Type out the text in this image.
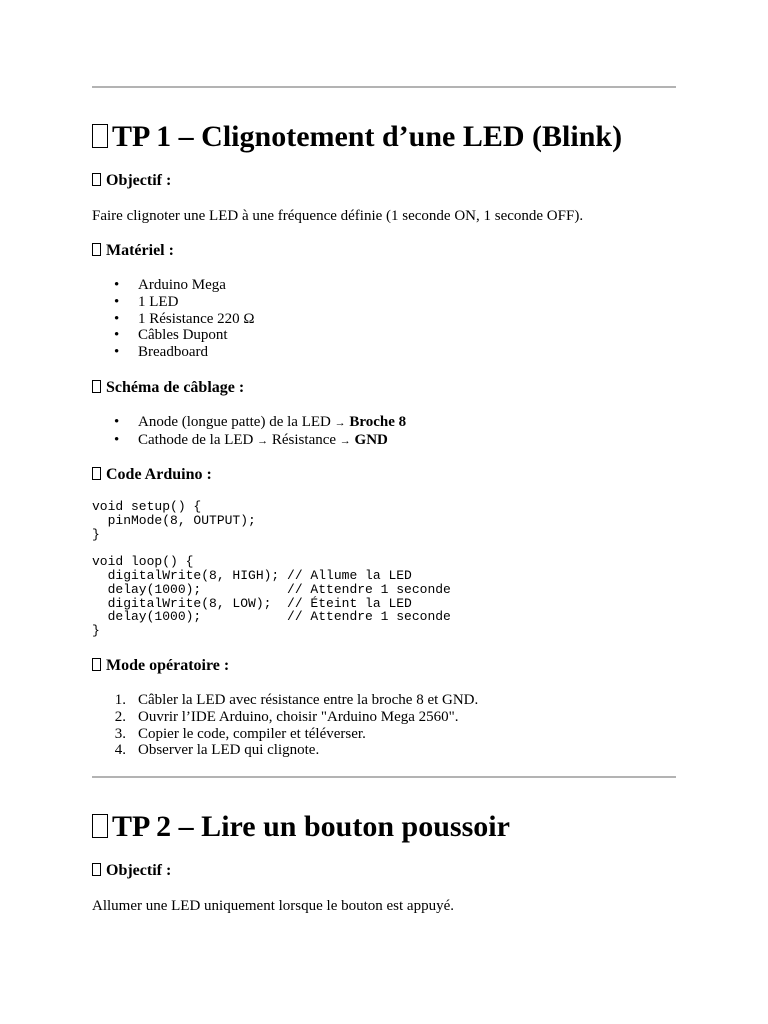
TP 1 – Clignotement d’une LED (Blink)
Objectif :
Faire clignoter une LED à une fréquence définie (1 seconde ON, 1 seconde OFF).
Matériel :
• Arduino Mega
• 1 LED
• 1 Résistance 220 Ω
• Câbles Dupont
• Breadboard
Schéma de câblage :
• Anode (longue patte) de la LED → Broche 8
• Cathode de la LED → Résistance → GND
Code Arduino :
void setup() {
pinMode(8, OUTPUT);
}

void loop() {
digitalWrite(8, HIGH); // Allume la LED
delay(1000);           // Attendre 1 seconde
digitalWrite(8, LOW);  // Éteint la LED
delay(1000);           // Attendre 1 seconde
}
Mode opératoire :
1. Câbler la LED avec résistance entre la broche 8 et GND.
2. Ouvrir l’IDE Arduino, choisir "Arduino Mega 2560".
3. Copier le code, compiler et téléverser.
4. Observer la LED qui clignote.
TP 2 – Lire un bouton poussoir
Objectif :
Allumer une LED uniquement lorsque le bouton est appuyé.
